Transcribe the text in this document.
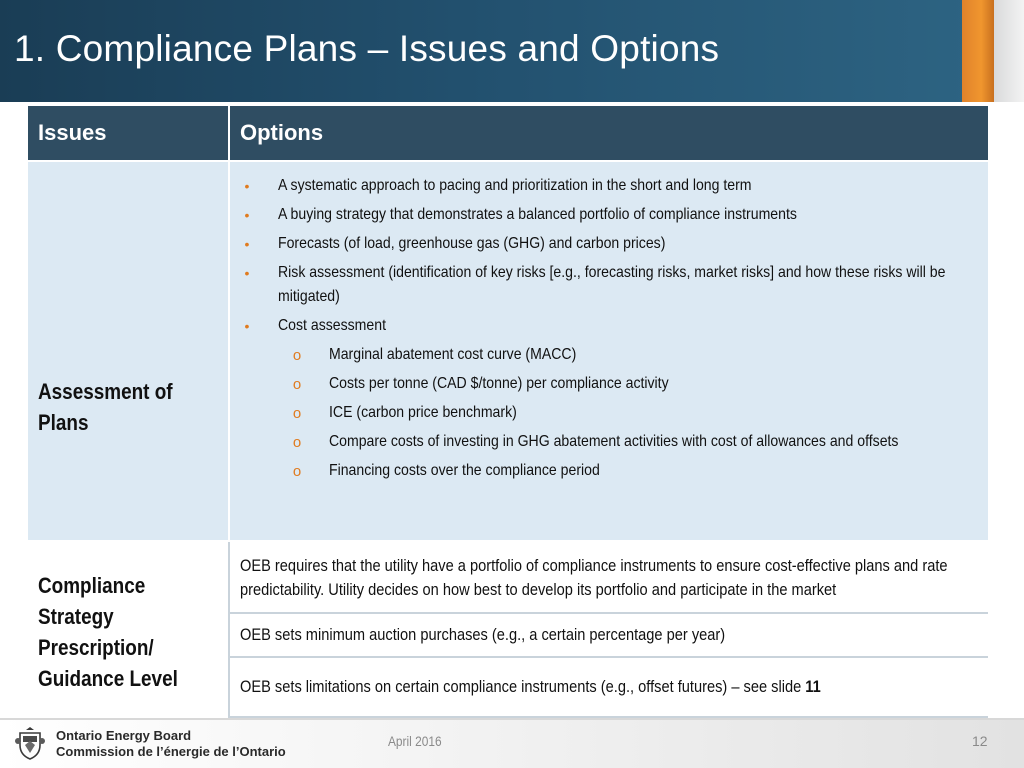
1. Compliance Plans – Issues and Options
Issues	Options
Assessment of Plans
• A systematic approach to pacing and prioritization in the short and long term
• A buying strategy that demonstrates a balanced portfolio of compliance instruments
• Forecasts (of load, greenhouse gas (GHG) and carbon prices)
• Risk assessment (identification of key risks [e.g., forecasting risks, market risks] and how these risks will be mitigated)
• Cost assessment
o Marginal abatement cost curve (MACC)
o Costs per tonne (CAD $/tonne) per compliance activity
o ICE (carbon price benchmark)
o Compare costs of investing in GHG abatement activities with cost of allowances and offsets
o Financing costs over the compliance period
Compliance Strategy Prescription/ Guidance Level
OEB requires that the utility have a portfolio of compliance instruments to ensure cost-effective plans and rate predictability. Utility decides on how best to develop its portfolio and participate in the market
OEB sets minimum auction purchases (e.g., a certain percentage per year)
OEB sets limitations on certain compliance instruments (e.g., offset futures) – see slide 11
Ontario Energy Board
Commission de l’énergie de l’Ontario
April 2016	12
